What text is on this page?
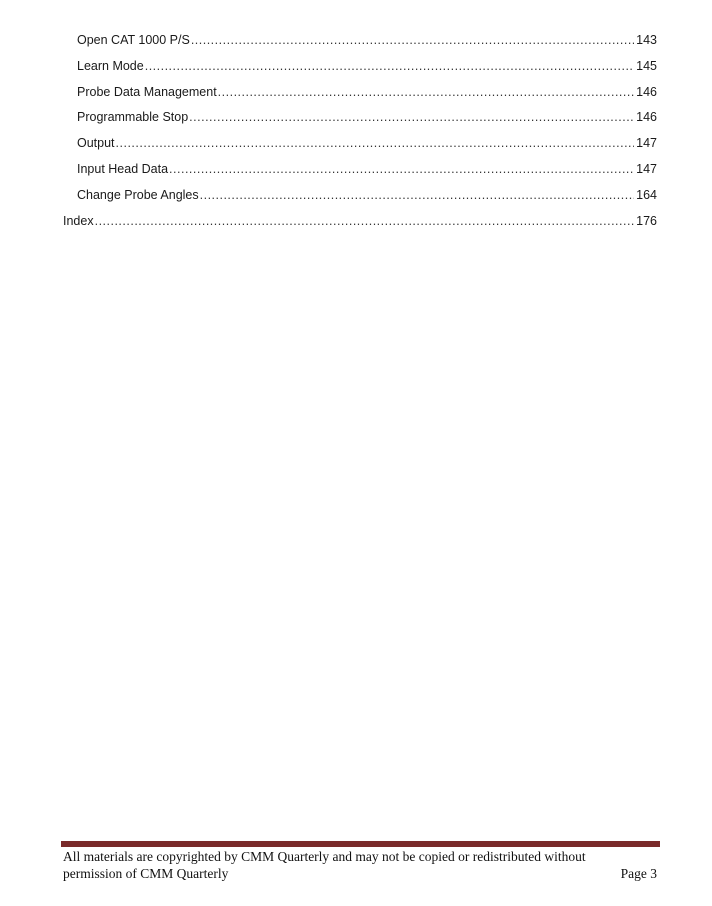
Open CAT 1000 P/S .....	143
Learn Mode .....	145
Probe Data Management .....	146
Programmable Stop .....	146
Output .....	147
Input Head Data .....	147
Change Probe Angles .....	164
Index .....	176
All materials are copyrighted by CMM Quarterly and may not be copied or redistributed without
permission of CMM Quarterly	Page 3
